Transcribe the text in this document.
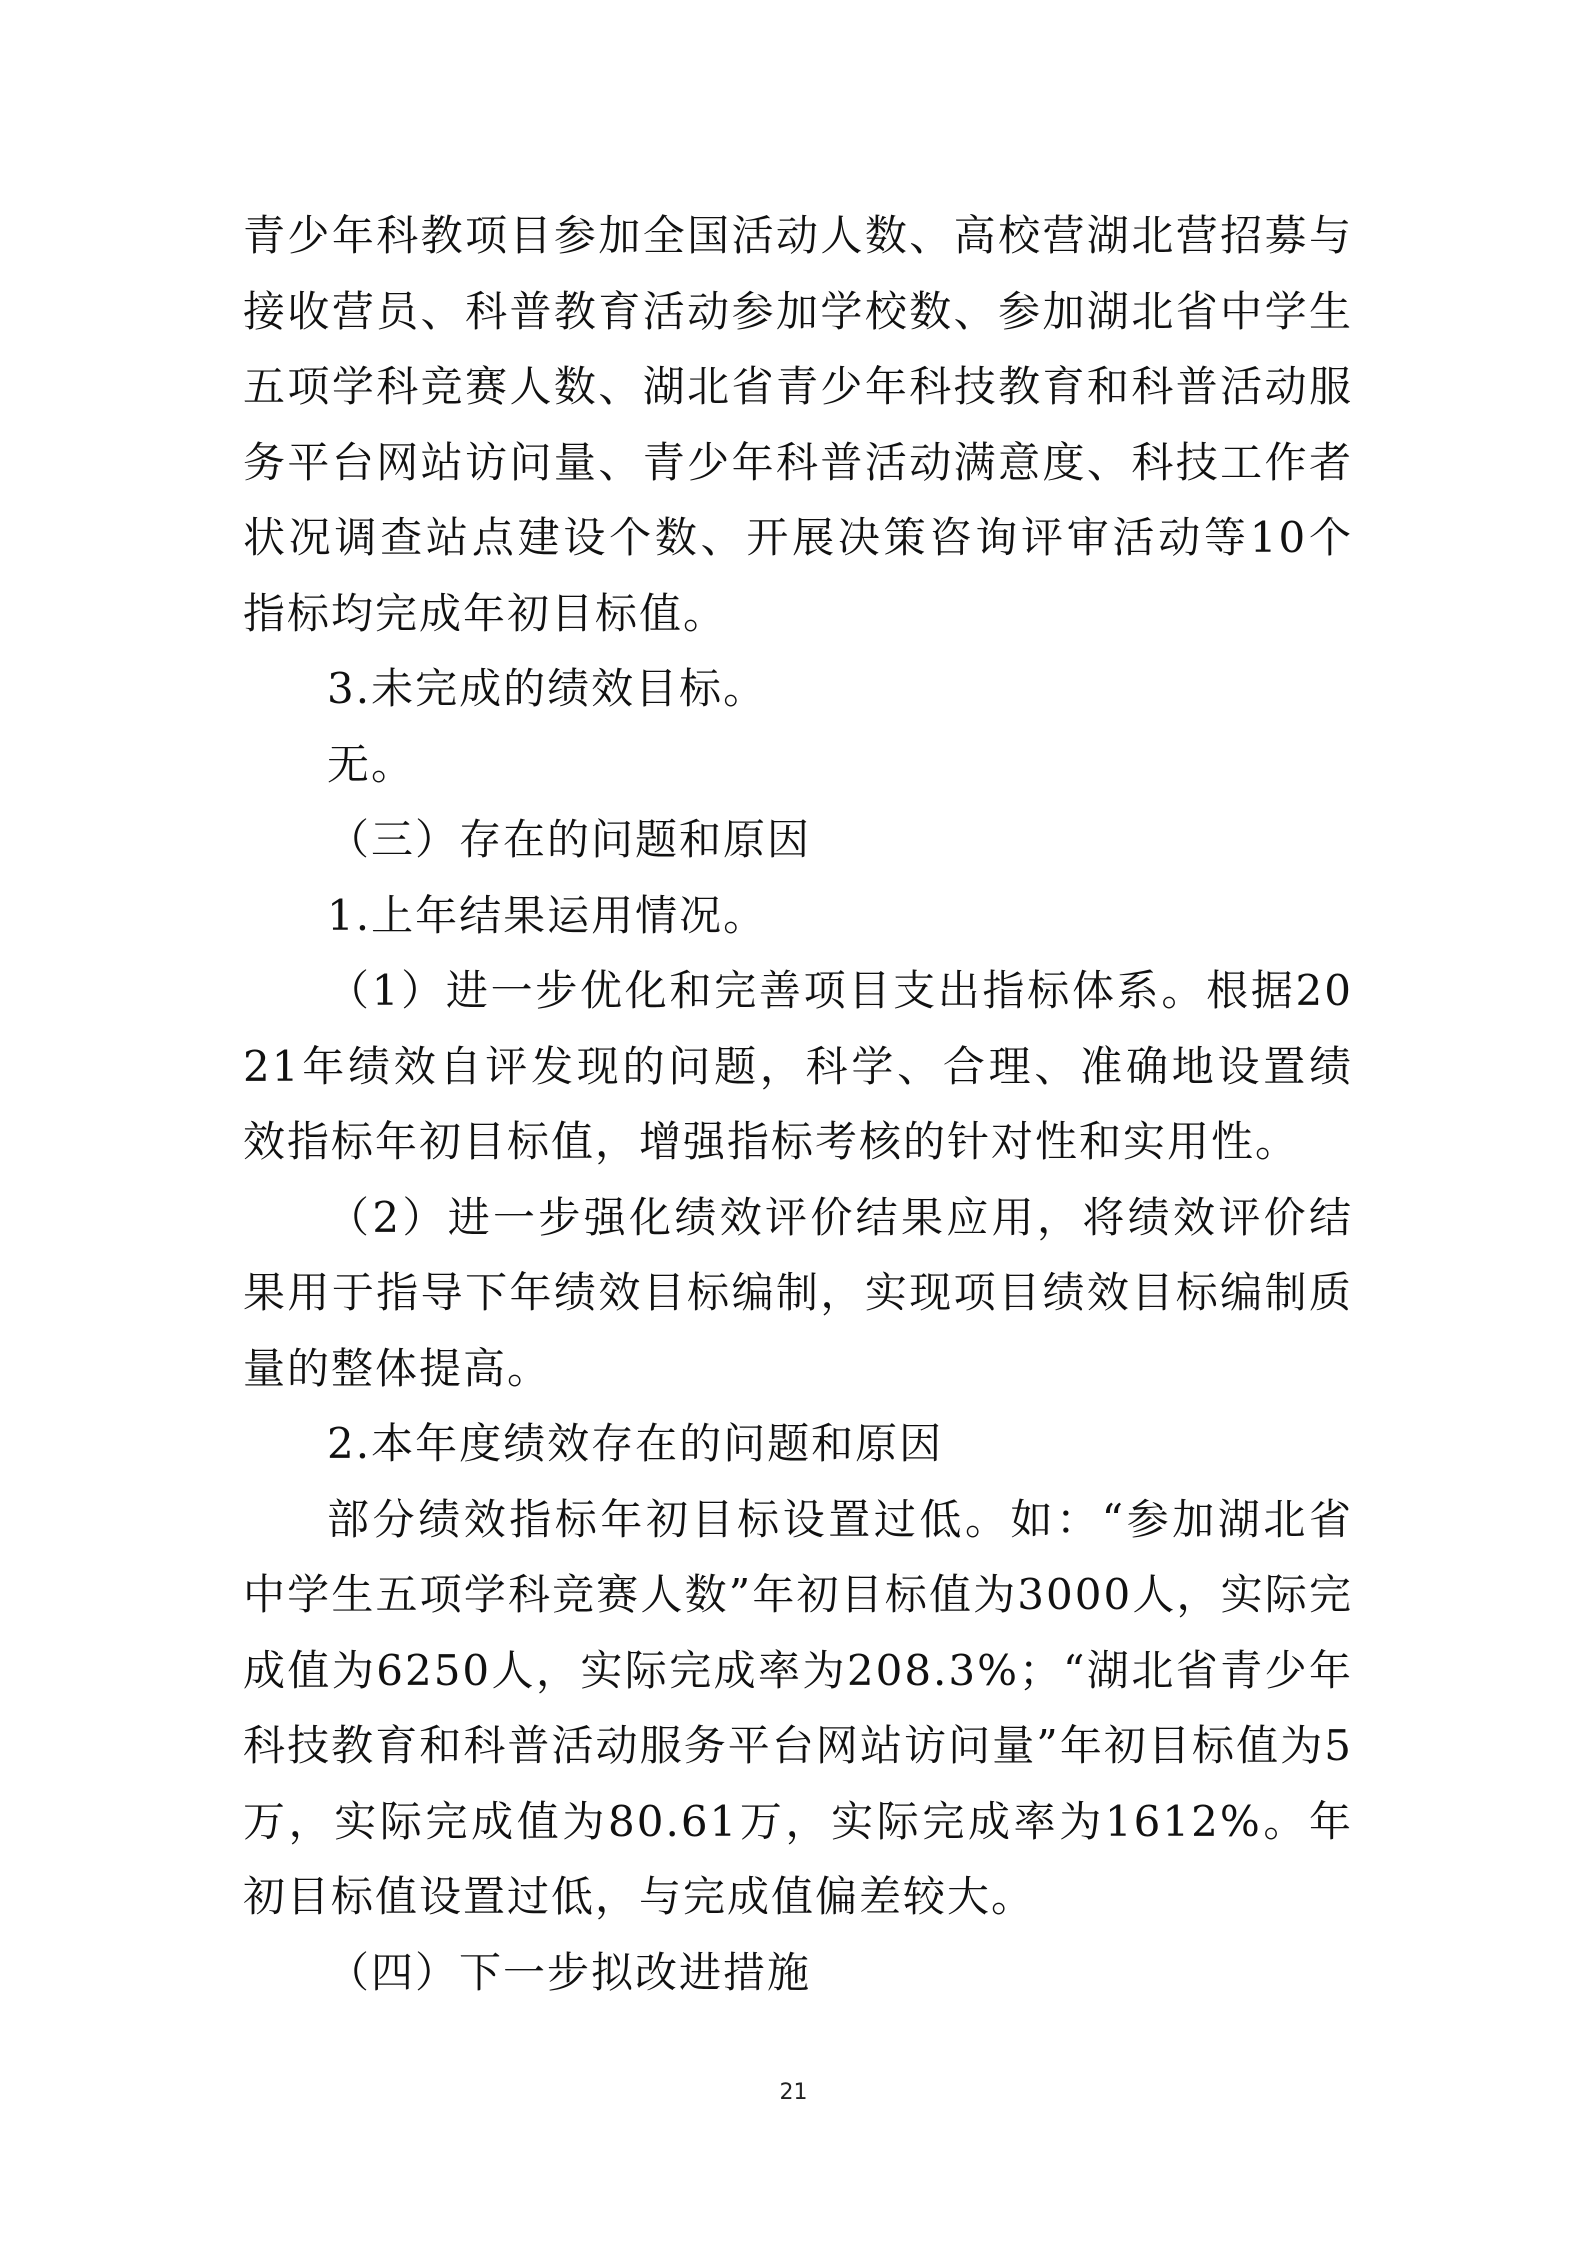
青少年科教项目参加全国活动人数、高校营湖北营招募与接收营员、科普教育活动参加学校数、参加湖北省中学生五项学科竞赛人数、湖北省青少年科技教育和科普活动服务平台网站访问量、青少年科普活动满意度、科技工作者状况调查站点建设个数、开展决策咨询评审活动等10个指标均完成年初目标值。

3.未完成的绩效目标。

无。

（三）存在的问题和原因

1.上年结果运用情况。

（1）进一步优化和完善项目支出指标体系。根据2021年绩效自评发现的问题，科学、合理、准确地设置绩效指标年初目标值，增强指标考核的针对性和实用性。

（2）进一步强化绩效评价结果应用，将绩效评价结果用于指导下年绩效目标编制，实现项目绩效目标编制质量的整体提高。

2.本年度绩效存在的问题和原因

部分绩效指标年初目标设置过低。如：“参加湖北省中学生五项学科竞赛人数”年初目标值为3000人，实际完成值为6250人，实际完成率为208.3%；“湖北省青少年科技教育和科普活动服务平台网站访问量”年初目标值为5万，实际完成值为80.61万，实际完成率为1612%。年初目标值设置过低，与完成值偏差较大。

（四）下一步拟改进措施

21
